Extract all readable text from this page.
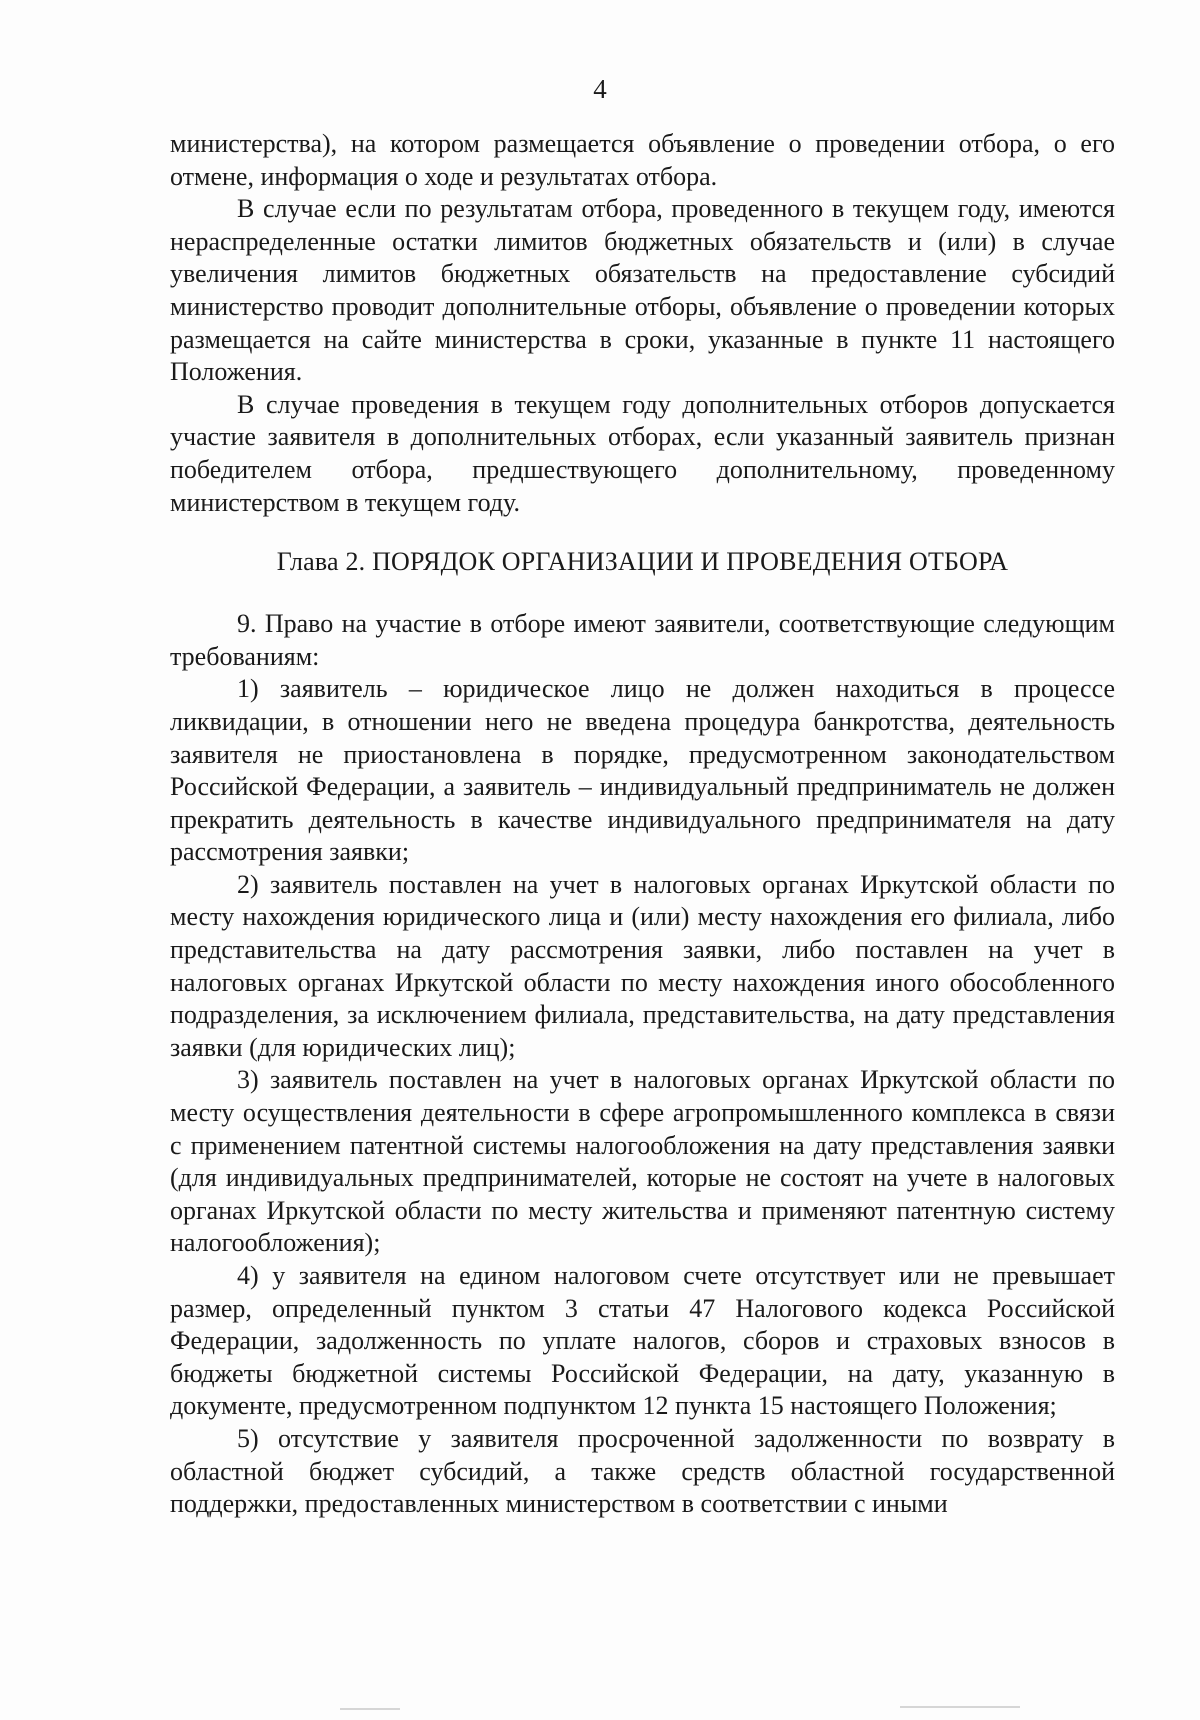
4

министерства), на котором размещается объявление о проведении отбора, о его отмене, информация о ходе и результатах отбора.

В случае если по результатам отбора, проведенного в текущем году, имеются нераспределенные остатки лимитов бюджетных обязательств и (или) в случае увеличения лимитов бюджетных обязательств на предоставление субсидий министерство проводит дополнительные отборы, объявление о проведении которых размещается на сайте министерства в сроки, указанные в пункте 11 настоящего Положения.

В случае проведения в текущем году дополнительных отборов допускается участие заявителя в дополнительных отборах, если указанный заявитель признан победителем отбора, предшествующего дополнительному, проведенному министерством в текущем году.

Глава 2. ПОРЯДОК ОРГАНИЗАЦИИ И ПРОВЕДЕНИЯ ОТБОРА

9. Право на участие в отборе имеют заявители, соответствующие следующим требованиям:

1) заявитель – юридическое лицо не должен находиться в процессе ликвидации, в отношении него не введена процедура банкротства, деятельность заявителя не приостановлена в порядке, предусмотренном законодательством Российской Федерации, а заявитель – индивидуальный предприниматель не должен прекратить деятельность в качестве индивидуального предпринимателя на дату рассмотрения заявки;

2) заявитель поставлен на учет в налоговых органах Иркутской области по месту нахождения юридического лица и (или) месту нахождения его филиала, либо представительства на дату рассмотрения заявки, либо поставлен на учет в налоговых органах Иркутской области по месту нахождения иного обособленного подразделения, за исключением филиала, представительства, на дату представления заявки (для юридических лиц);

3) заявитель поставлен на учет в налоговых органах Иркутской области по месту осуществления деятельности в сфере агропромышленного комплекса в связи с применением патентной системы налогообложения на дату представления заявки (для индивидуальных предпринимателей, которые не состоят на учете в налоговых органах Иркутской области по месту жительства и применяют патентную систему налогообложения);

4) у заявителя на едином налоговом счете отсутствует или не превышает размер, определенный пунктом 3 статьи 47 Налогового кодекса Российской Федерации, задолженность по уплате налогов, сборов и страховых взносов в бюджеты бюджетной системы Российской Федерации, на дату, указанную в документе, предусмотренном подпунктом 12 пункта 15 настоящего Положения;

5) отсутствие у заявителя просроченной задолженности по возврату в областной бюджет субсидий, а также средств областной государственной поддержки, предоставленных министерством в соответствии с иными
